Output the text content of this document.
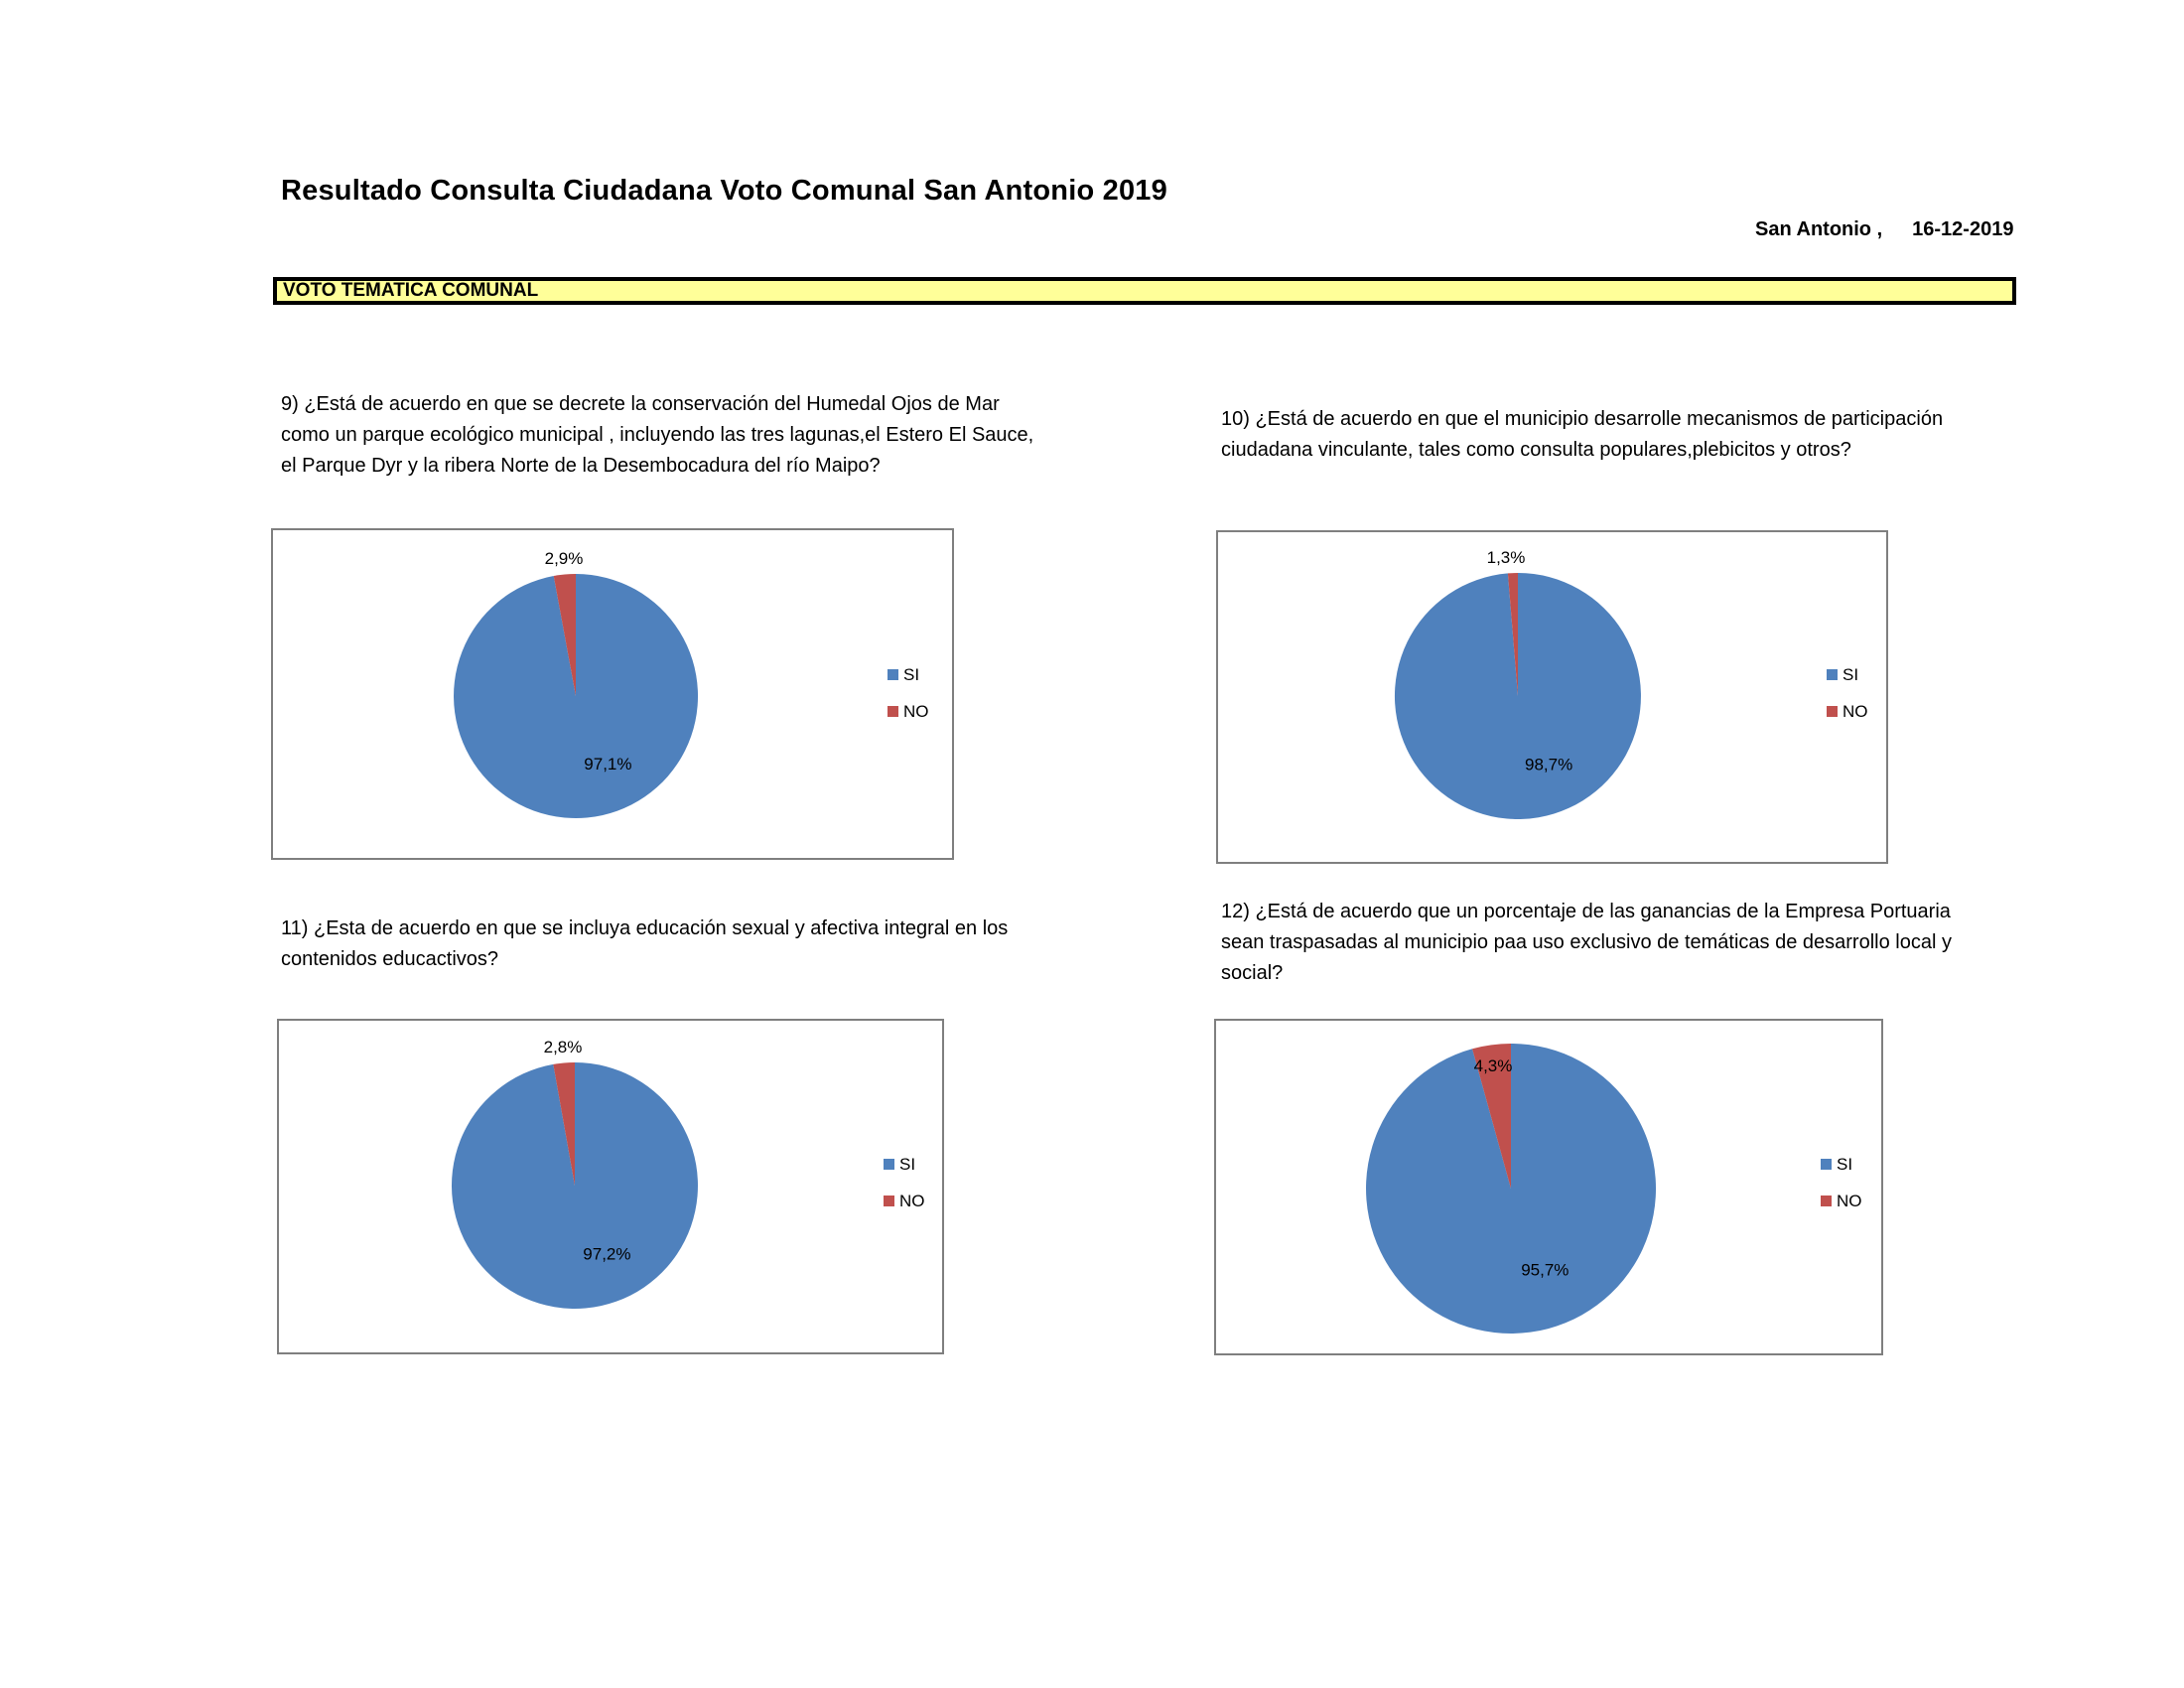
Resultado Consulta Ciudadana Voto Comunal San Antonio 2019
San Antonio , 16-12-2019
VOTO TEMATICA COMUNAL
9) ¿Está de acuerdo en que se decrete la conservación del Humedal Ojos de Mar
como un parque ecológico municipal , incluyendo las tres lagunas,el Estero El Sauce,
el Parque Dyr y la ribera Norte de la Desembocadura del río Maipo?
10) ¿Está de acuerdo en que el municipio desarrolle mecanismos de participación
ciudadana vinculante, tales como consulta populares,plebicitos y otros?
11) ¿Esta de acuerdo en que se incluya educación sexual y afectiva integral en los
contenidos educactivos?
12) ¿Está de acuerdo que un porcentaje de las ganancias de la Empresa Portuaria
sean traspasadas al municipio paa uso exclusivo de temáticas de desarrollo local y
social?
97,1%
2,9%
SI
NO
98,7%
1,3%
SI
NO
97,2%
2,8%
SI
NO
95,7%
4,3%
SI
NO
